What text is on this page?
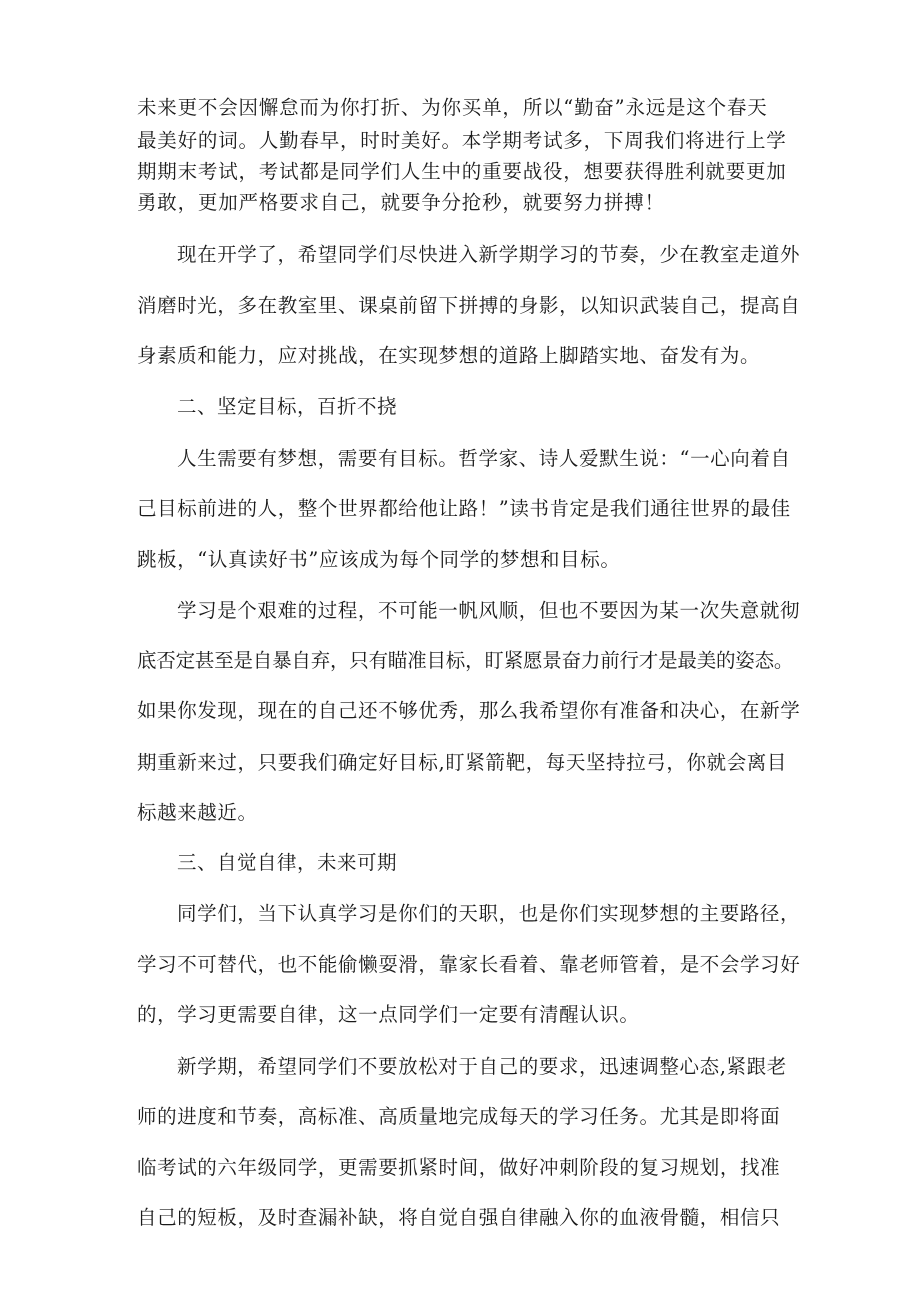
未来更不会因懈怠而为你打折、为你买单，所以“勤奋”永远是这个春天
最美好的词。人勤春早，时时美好。本学期考试多，下周我们将进行上学
期期末考试，考试都是同学们人生中的重要战役，想要获得胜利就要更加
勇敢，更加严格要求自己，就要争分抢秒，就要努力拼搏！
现在开学了，希望同学们尽快进入新学期学习的节奏，少在教室走道外
消磨时光，多在教室里、课桌前留下拼搏的身影，以知识武装自己，提高自
身素质和能力，应对挑战，在实现梦想的道路上脚踏实地、奋发有为。
二、坚定目标，百折不挠
人生需要有梦想，需要有目标。哲学家、诗人爱默生说：“一心向着自
己目标前进的人，整个世界都给他让路！”读书肯定是我们通往世界的最佳
跳板，“认真读好书”应该成为每个同学的梦想和目标。
学习是个艰难的过程，不可能一帆风顺，但也不要因为某一次失意就彻
底否定甚至是自暴自弃，只有瞄准目标，盯紧愿景奋力前行才是最美的姿态。
如果你发现，现在的自己还不够优秀，那么我希望你有准备和决心，在新学
期重新来过，只要我们确定好目标,盯紧箭靶，每天坚持拉弓，你就会离目
标越来越近。
三、自觉自律，未来可期
同学们，当下认真学习是你们的天职，也是你们实现梦想的主要路径，
学习不可替代，也不能偷懒耍滑，靠家长看着、靠老师管着，是不会学习好
的，学习更需要自律，这一点同学们一定要有清醒认识。
新学期，希望同学们不要放松对于自己的要求，迅速调整心态,紧跟老
师的进度和节奏，高标准、高质量地完成每天的学习任务。尤其是即将面
临考试的六年级同学，更需要抓紧时间，做好冲刺阶段的复习规划，找准
自己的短板，及时查漏补缺，将自觉自强自律融入你的血液骨髓，相信只
